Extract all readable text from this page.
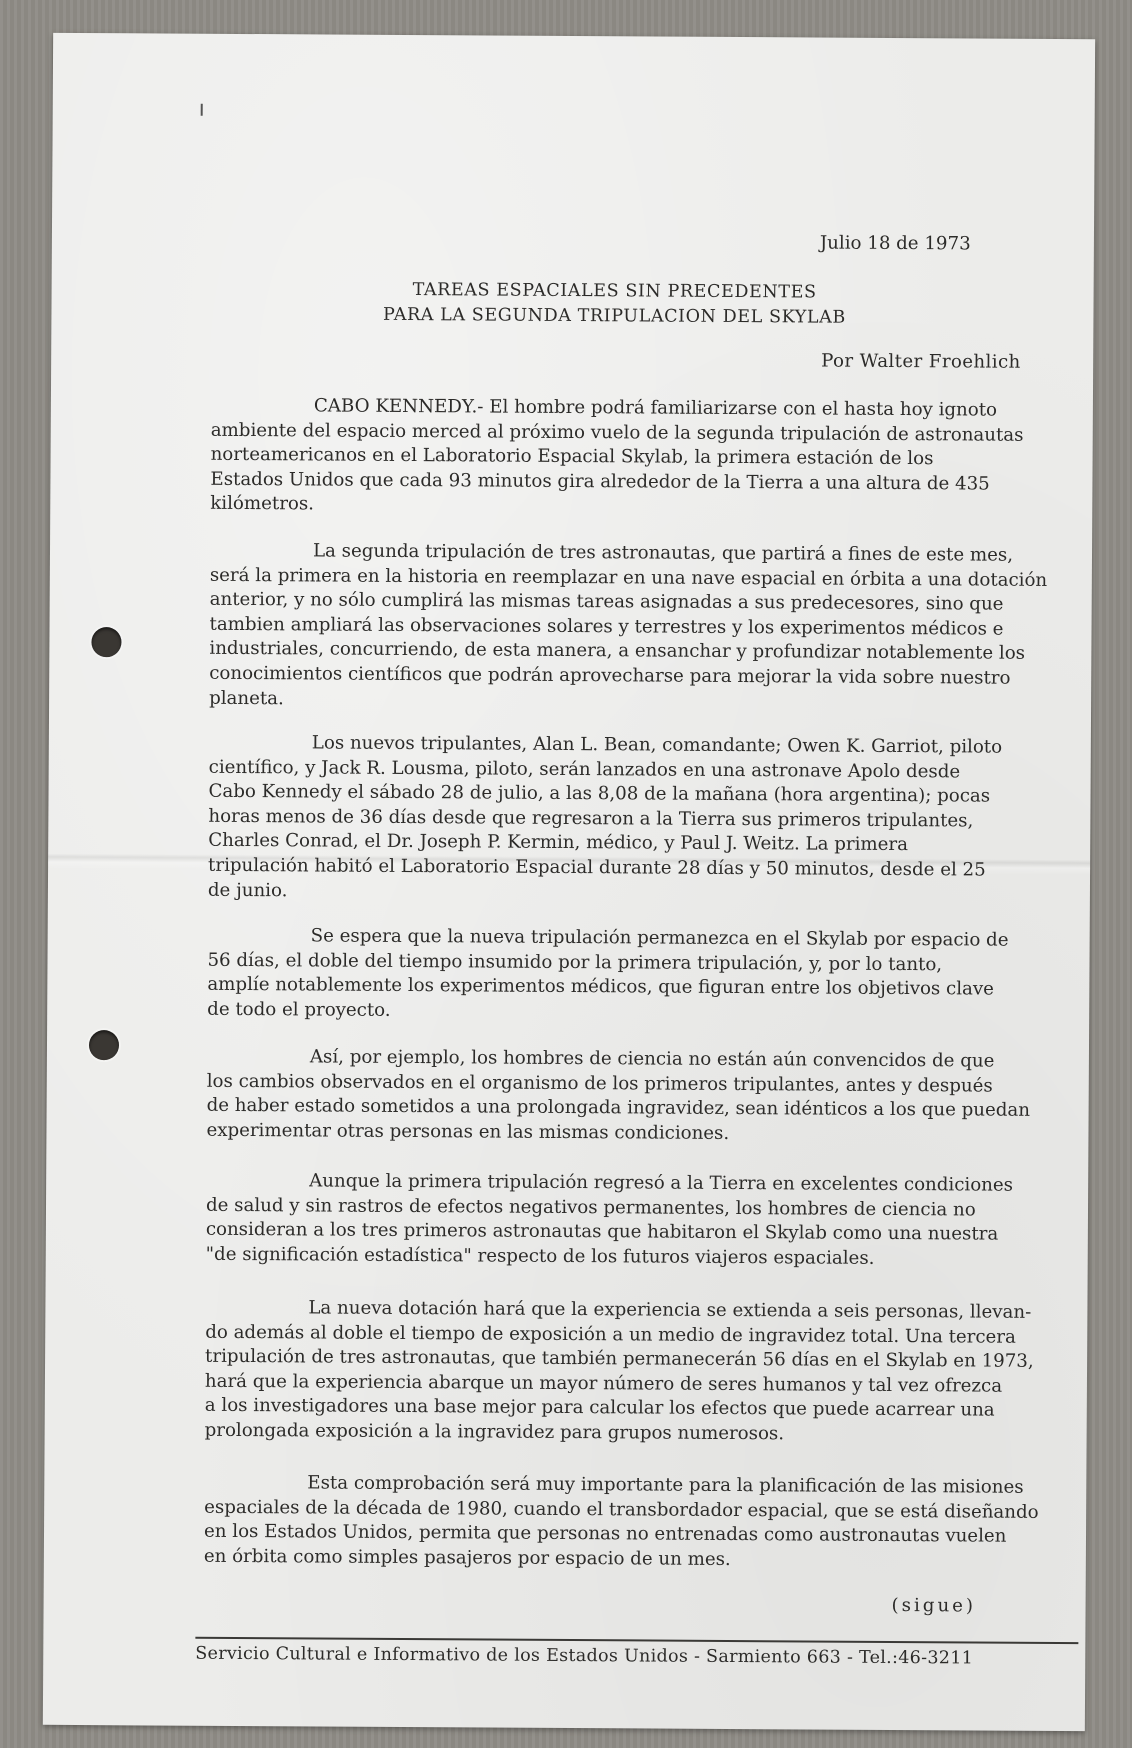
Julio 18 de 1973

TAREAS ESPACIALES SIN PRECEDENTES
PARA LA SEGUNDA TRIPULACION DEL SKYLAB

Por Walter Froehlich

CABO KENNEDY.- El hombre podrá familiarizarse con el hasta hoy ignoto
ambiente del espacio merced al próximo vuelo de la segunda tripulación de astronautas
norteamericanos en el Laboratorio Espacial Skylab, la primera estación de los
Estados Unidos que cada 93 minutos gira alrededor de la Tierra a una altura de 435
kilómetros.
La segunda tripulación de tres astronautas, que partirá a fines de este mes,
será la primera en la historia en reemplazar en una nave espacial en órbita a una dotación
anterior, y no sólo cumplirá las mismas tareas asignadas a sus predecesores, sino que
tambien ampliará las observaciones solares y terrestres y los experimentos médicos e
industriales, concurriendo, de esta manera, a ensanchar y profundizar notablemente los
conocimientos científicos que podrán aprovecharse para mejorar la vida sobre nuestro
planeta.
Los nuevos tripulantes, Alan L. Bean, comandante; Owen K. Garriot, piloto
científico, y Jack R. Lousma, piloto, serán lanzados en una astronave Apolo desde
Cabo Kennedy el sábado 28 de julio, a las 8,08 de la mañana (hora argentina); pocas
horas menos de 36 días desde que regresaron a la Tierra sus primeros tripulantes,
Charles Conrad, el Dr. Joseph P. Kermin, médico, y Paul J. Weitz. La primera
tripulación habitó el Laboratorio Espacial durante 28 días y 50 minutos, desde el 25
de junio.
Se espera que la nueva tripulación permanezca en el Skylab por espacio de
56 días, el doble del tiempo insumido por la primera tripulación, y, por lo tanto,
amplíe notablemente los experimentos médicos, que figuran entre los objetivos clave
de todo el proyecto.
Así, por ejemplo, los hombres de ciencia no están aún convencidos de que
los cambios observados en el organismo de los primeros tripulantes, antes y después
de haber estado sometidos a una prolongada ingravidez, sean idénticos a los que puedan
experimentar otras personas en las mismas condiciones.
Aunque la primera tripulación regresó a la Tierra en excelentes condiciones
de salud y sin rastros de efectos negativos permanentes, los hombres de ciencia no
consideran a los tres primeros astronautas que habitaron el Skylab como una nuestra
"de significación estadística" respecto de los futuros viajeros espaciales.
La nueva dotación hará que la experiencia se extienda a seis personas, llevan-
do además al doble el tiempo de exposición a un medio de ingravidez total. Una tercera
tripulación de tres astronautas, que también permanecerán 56 días en el Skylab en 1973,
hará que la experiencia abarque un mayor número de seres humanos y tal vez ofrezca
a los investigadores una base mejor para calcular los efectos que puede acarrear una
prolongada exposición a la ingravidez para grupos numerosos.
Esta comprobación será muy importante para la planificación de las misiones
espaciales de la década de 1980, cuando el transbordador espacial, que se está diseñando
en los Estados Unidos, permita que personas no entrenadas como austronautas vuelen
en órbita como simples pasajeros por espacio de un mes.

(sigue)

Servicio Cultural e Informativo de los Estados Unidos - Sarmiento 663 - Tel.:46-3211
